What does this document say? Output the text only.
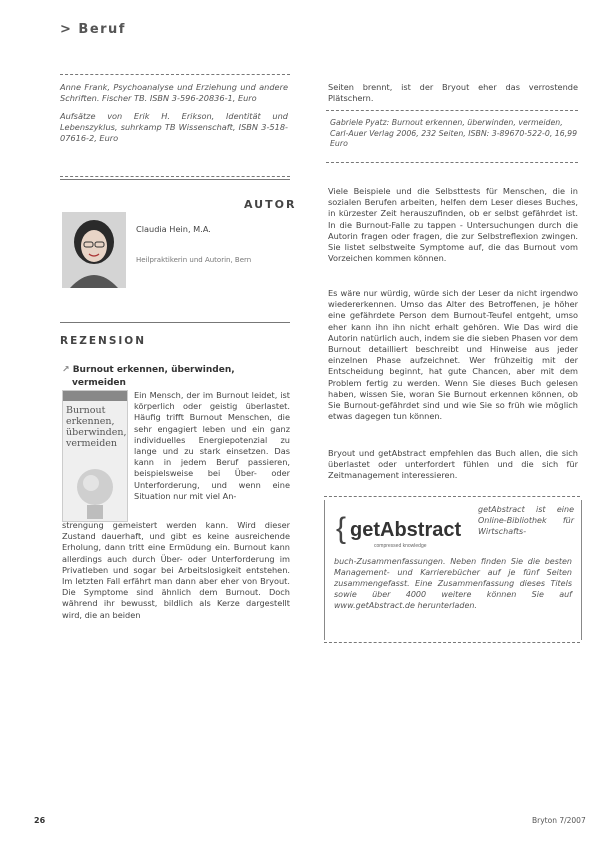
> Beruf

Anne Frank, Psychoanalyse und Erziehung und andere Schriften. Fischer TB. ISBN 3-596-20836-1, Euro

Aufsätze von Erik H. Erikson, Identität und Lebenszyklus, suhrkamp TB Wissenschaft, ISBN 3-518-07616-2, Euro

AUTOR
Claudia Hein, M.A.
Heilpraktikerin und Autorin, Bern
REZENSION
↗ Burnout erkennen, überwinden,
vermeiden
Burnout erkennen, überwinden, vermeiden
Ein Mensch, der im Burnout leidet, ist körperlich oder geistig überlastet. Häufig trifft Burnout Menschen, die sehr engagiert leben und ein ganz individuelles Energiepotenzial zu lange und zu stark einsetzen. Das kann in jedem Beruf passieren, beispielsweise bei Über- oder Unterforderung, und wenn eine Situation nur mit viel An-
strengung gemeistert werden kann. Wird dieser Zustand dauerhaft, und gibt es keine ausreichende Erholung, dann tritt eine Ermüdung ein. Burnout kann allerdings auch durch Über- oder Unterforderung im Privatleben und sogar bei Arbeitslosigkeit entstehen. Im letzten Fall erfährt man dann aber eher von Bryout. Die Symptome sind ähnlich dem Burnout. Doch während ihr bewusst, bildlich als Kerze dargestellt wird, die an beiden
Seiten brennt, ist der Bryout eher das verrostende Plätschern.
Gabriele Pyatz: Burnout erkennen, überwinden, vermeiden, Carl-Auer Verlag 2006, 232 Seiten, ISBN: 3-89670-522-0, 16,99 Euro
Viele Beispiele und die Selbsttests für Menschen, die in sozialen Berufen arbeiten, helfen dem Leser dieses Buches, in kürzester Zeit herauszufinden, ob er selbst gefährdet ist. In die Burnout-Falle zu tappen - Untersuchungen durch die Autorin fragen oder fragen, die zur Selbstreflexion zwingen. Sie listet selbstweite Symptome auf, die das Burnout vom Vorzeichen kommen können.
Es wäre nur würdig, würde sich der Leser da nicht irgendwo wiedererkennen. Umso das Alter des Betroffenen, je höher eine gefährdete Person dem Burnout-Teufel entgeht, umso eher kann ihn ihn nicht erhalt gehören. Wie Das wird die Autorin natürlich auch, indem sie die sieben Phasen vor dem Burnout detailliert beschreibt und Hinweise aus jeder einzelnen Phase aufzeichnet. Wer frühzeitig mit der Entscheidung beginnt, hat gute Chancen, aber mit dem Problem fertig zu werden. Wenn Sie dieses Buch gelesen haben, wissen Sie, woran Sie Burnout erkennen können, ob Sie Burnout-gefährdet sind und wie Sie so früh wie möglich etwas dagegen tun können.
Bryout und getAbstract empfehlen das Buch allen, die sich überlastet oder unterfordert fühlen und die sich für Zeitmanagement interessieren.
{ getAbstract
compressed knowledge
getAbstract ist eine Online-Bibliothek für Wirtschafts-
buch-Zusammenfassungen. Neben finden Sie die besten Management- und Karrierebücher auf je fünf Seiten zusammengefasst. Eine Zusammenfassung dieses Titels sowie über 4000 weitere können Sie auf www.getAbstract.de herunterladen.
26	Bryton 7/2007
